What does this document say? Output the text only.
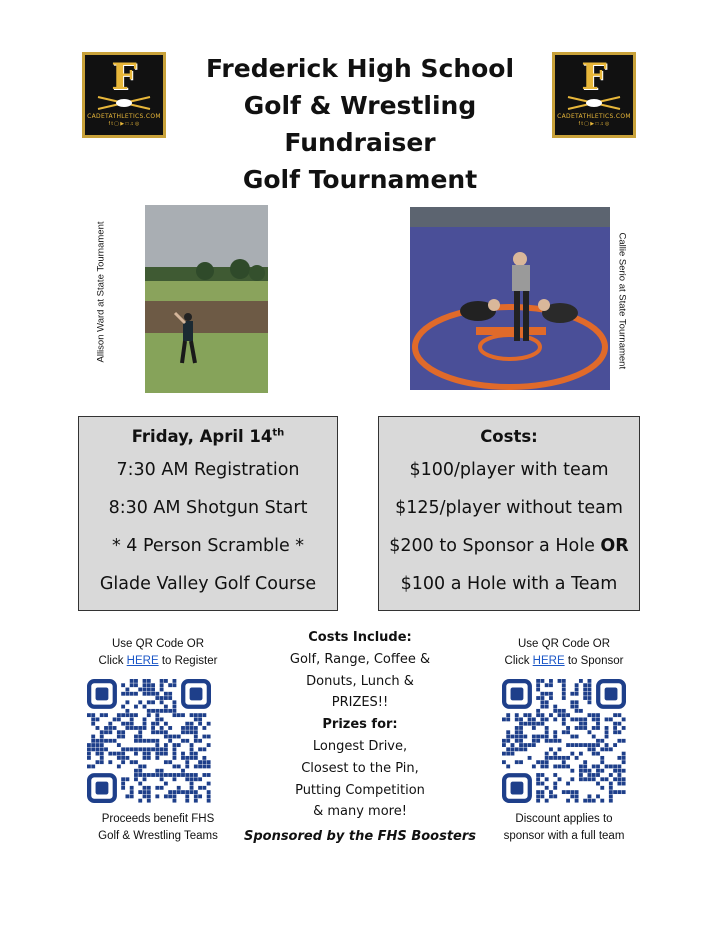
F
CADETATHLETICS.COM
f t ▢ ▶ □ ♫ ◎
F
CADETATHLETICS.COM
f t ▢ ▶ □ ♫ ◎
Frederick High School
Golf & Wrestling
Fundraiser
Golf Tournament
Allison Ward at State Tournament	Callie Serio at State Tournament
Friday, April 14th
7:30 AM Registration
8:30 AM Shotgun Start
* 4 Person Scramble *
Glade Valley Golf Course
Costs:
$100/player with team
$125/player without team
$200 to Sponsor a Hole OR
$100 a Hole with a Team
Use QR Code OR
Click HERE to Register
Proceeds benefit FHS
Golf & Wrestling Teams
Use QR Code OR
Click HERE to Sponsor
Discount applies to
sponsor with a full team
Costs Include:
Golf, Range, Coffee &
Donuts, Lunch &
PRIZES!!
Prizes for:
Longest Drive,
Closest to the Pin,
Putting Competition
& many more!
Sponsored by the FHS Boosters
